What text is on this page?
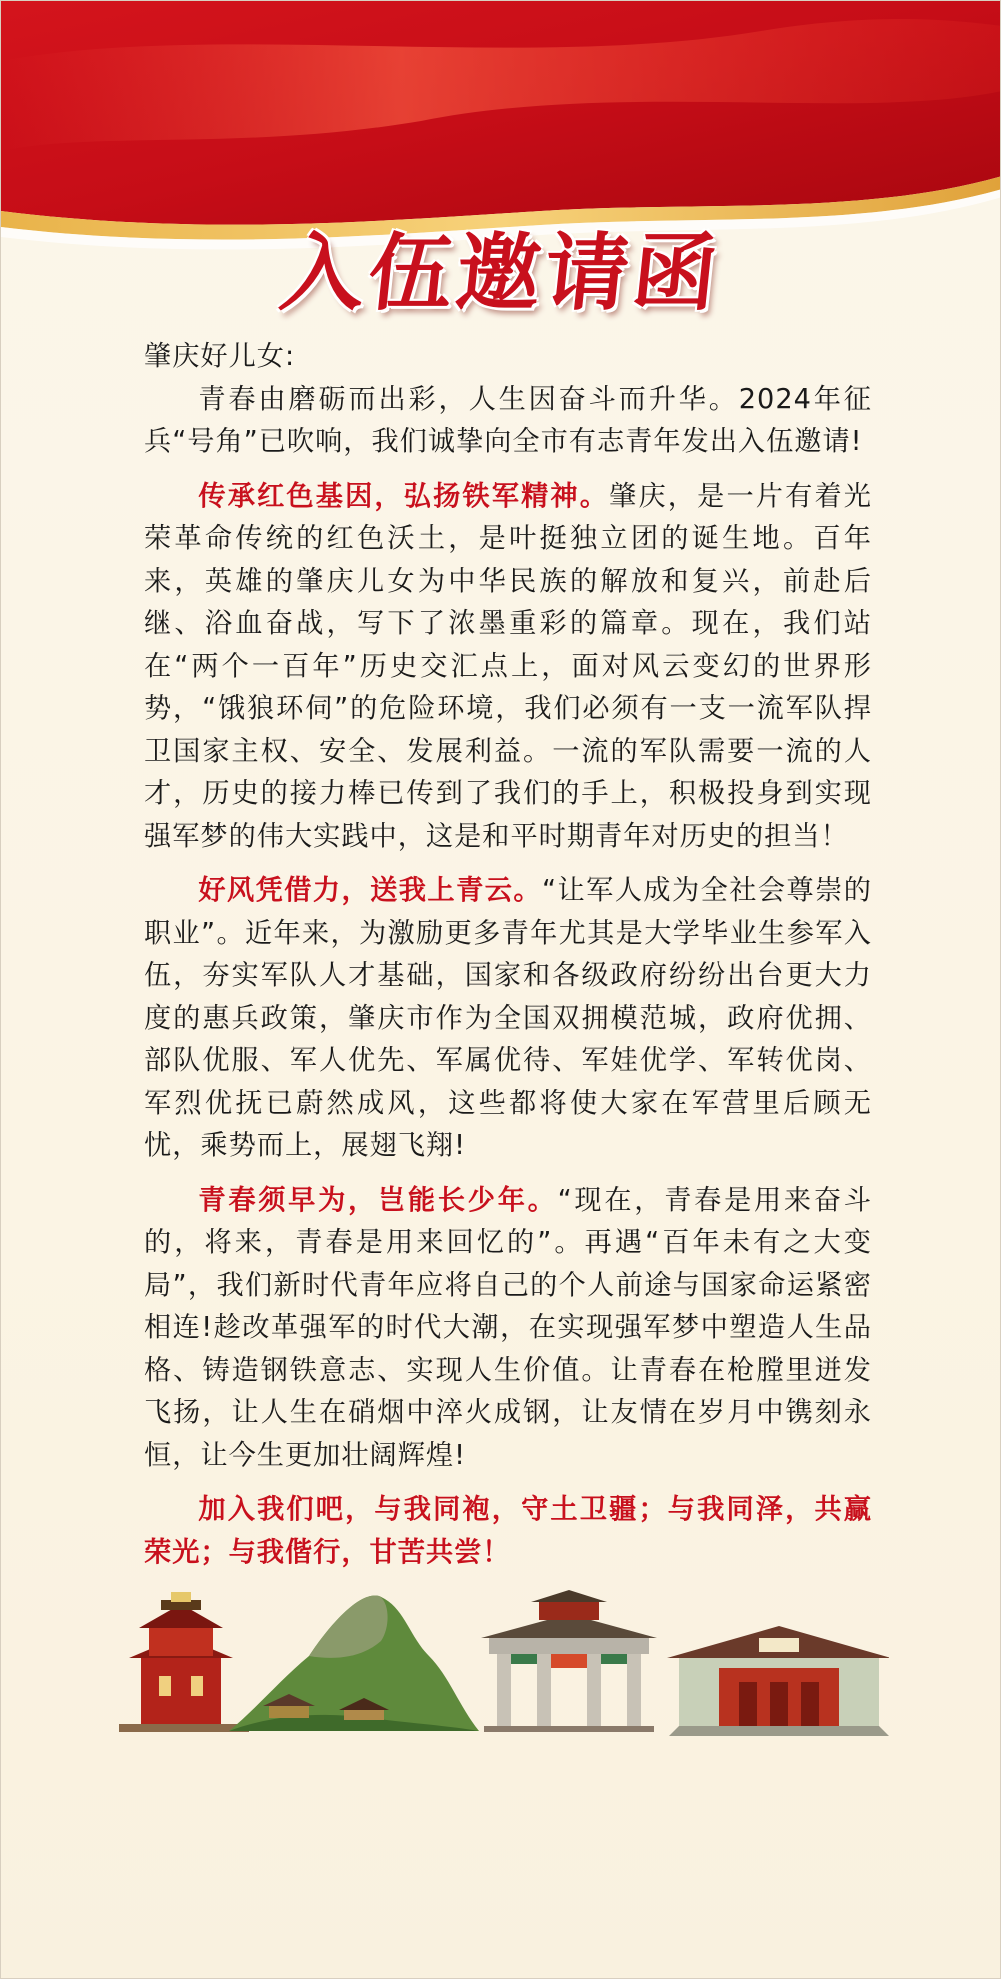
入伍邀请函

肇庆好儿女:

青春由磨砺而出彩，人生因奋斗而升华。2024年征兵“号角”已吹响，我们诚挚向全市有志青年发出入伍邀请!

传承红色基因，弘扬铁军精神。肇庆，是一片有着光荣革命传统的红色沃土，是叶挺独立团的诞生地。百年来，英雄的肇庆儿女为中华民族的解放和复兴，前赴后继、浴血奋战，写下了浓墨重彩的篇章。现在，我们站在“两个一百年”历史交汇点上，面对风云变幻的世界形势，“饿狼环伺”的危险环境，我们必须有一支一流军队捍卫国家主权、安全、发展利益。一流的军队需要一流的人才，历史的接力棒已传到了我们的手上，积极投身到实现强军梦的伟大实践中，这是和平时期青年对历史的担当！

好风凭借力，送我上青云。“让军人成为全社会尊崇的职业”。近年来，为激励更多青年尤其是大学毕业生参军入伍，夯实军队人才基础，国家和各级政府纷纷出台更大力度的惠兵政策，肇庆市作为全国双拥模范城，政府优拥、部队优服、军人优先、军属优待、军娃优学、军转优岗、军烈优抚已蔚然成风，这些都将使大家在军营里后顾无忧，乘势而上，展翅飞翔!

青春须早为，岂能长少年。“现在，青春是用来奋斗的，将来，青春是用来回忆的”。再遇“百年未有之大变局”，我们新时代青年应将自己的个人前途与国家命运紧密相连!趁改革强军的时代大潮，在实现强军梦中塑造人生品格、铸造钢铁意志、实现人生价值。让青春在枪膛里迸发飞扬，让人生在硝烟中淬火成钢，让友情在岁月中镌刻永恒，让今生更加壮阔辉煌!

加入我们吧，与我同袍，守土卫疆；与我同泽，共赢荣光；与我偕行，甘苦共尝！
